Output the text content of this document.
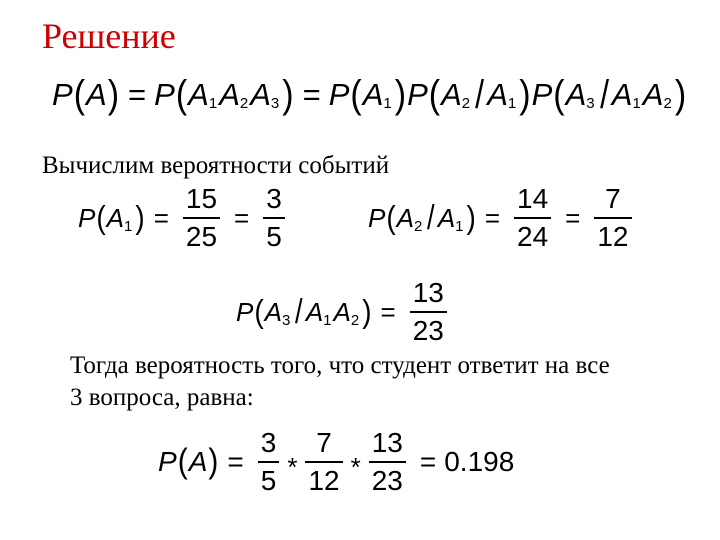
Решение
P ( A ) = P ( A 1 A 2 A 3 ) = P ( A 1 ) P ( A 2 / A 1 ) P ( A 3 / A 1 A 2 )
Вычислим вероятности событий
P ( A 1 ) = $\frac{15}{25} = \frac{3}{5}$	P ( A 2 / A 1 ) = $\frac{14}{24} = \frac{7}{12}$
P ( A 3 / A 1 A 2 ) = $\frac{13}{23}$
Тогда вероятность того, что студент ответит на все
3 вопроса, равна:
P ( A ) = $\frac{3}{5} * \frac{7}{12} * \frac{13}{23} = 0.198$
